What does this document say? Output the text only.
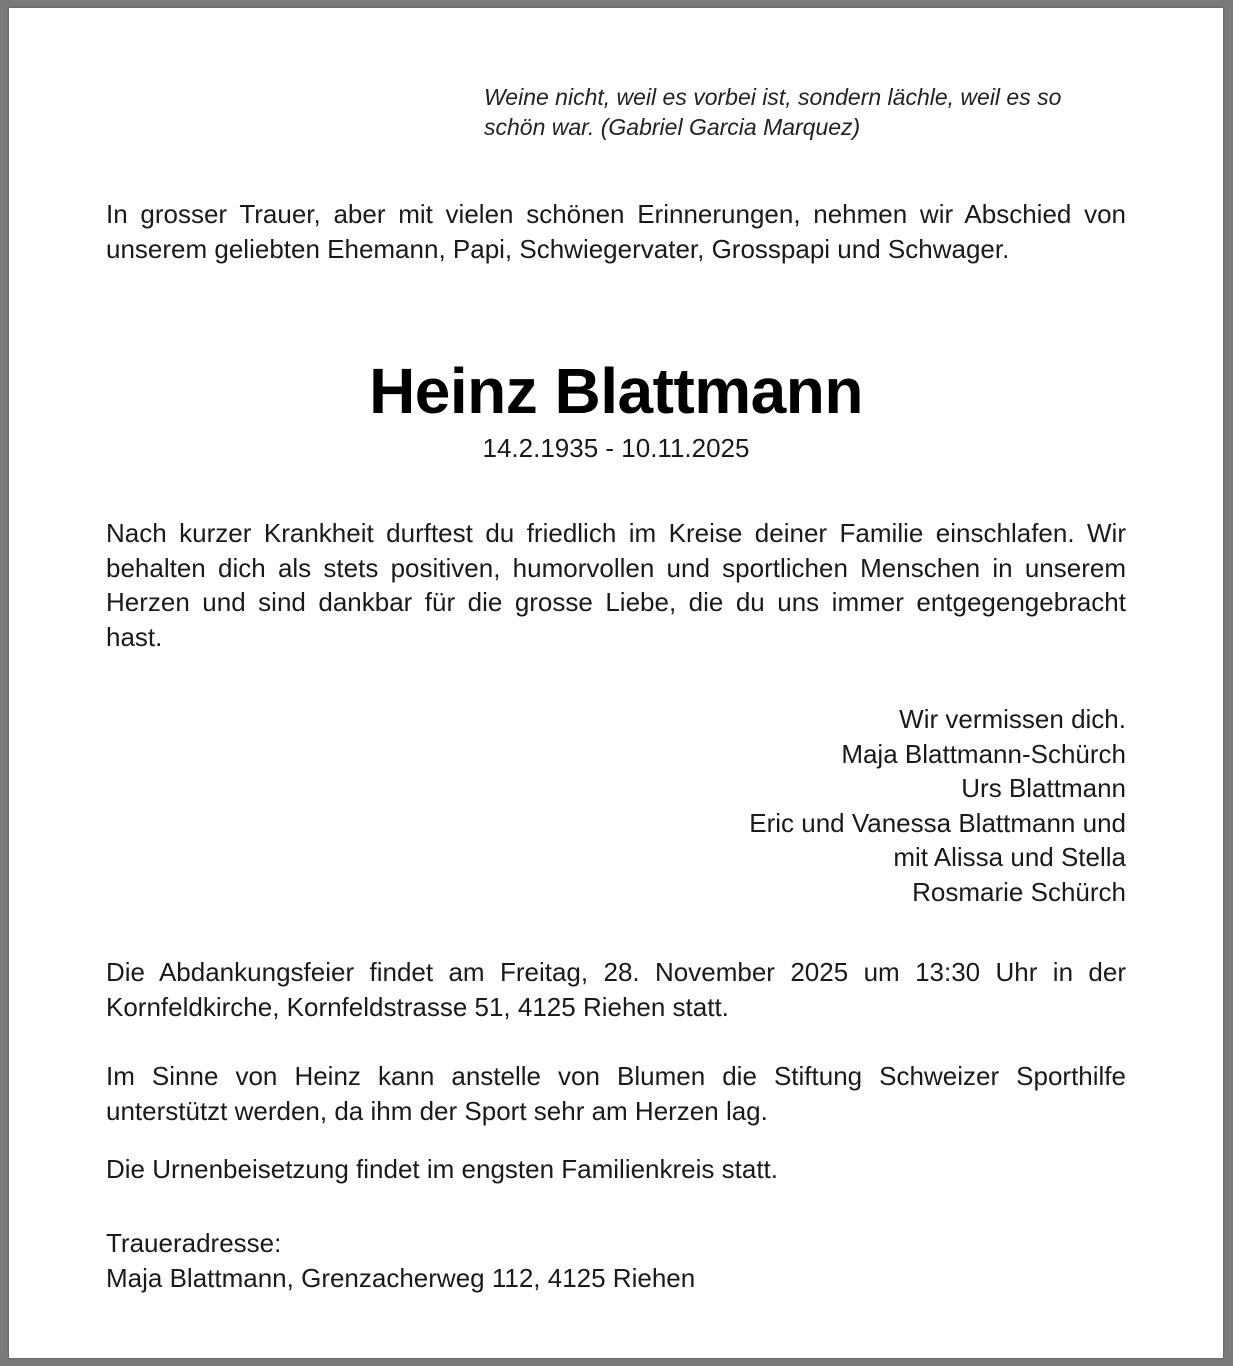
Weine nicht, weil es vorbei ist, sondern lächle, weil es so schön war. (Gabriel Garcia Marquez)
In grosser Trauer, aber mit vielen schönen Erinnerungen, nehmen wir Abschied von unserem geliebten Ehemann, Papi, Schwiegervater, Grosspapi und Schwager.
Heinz Blattmann
14.2.1935 - 10.11.2025
Nach kurzer Krankheit durftest du friedlich im Kreise deiner Familie einschlafen. Wir behalten dich als stets positiven, humorvollen und sportlichen Menschen in unserem Herzen und sind dankbar für die grosse Liebe, die du uns immer entgegengebracht hast.
Wir vermissen dich.
Maja Blattmann-Schürch
Urs Blattmann
Eric und Vanessa Blattmann und
mit Alissa und Stella
Rosmarie Schürch
Die Abdankungsfeier findet am Freitag, 28. November 2025 um 13:30 Uhr in der Kornfeldkirche, Kornfeldstrasse 51, 4125 Riehen statt.
Im Sinne von Heinz kann anstelle von Blumen die Stiftung Schweizer Sporthilfe unterstützt werden, da ihm der Sport sehr am Herzen lag.
Die Urnenbeisetzung findet im engsten Familienkreis statt.
Traueradresse:
Maja Blattmann, Grenzacherweg 112, 4125 Riehen
